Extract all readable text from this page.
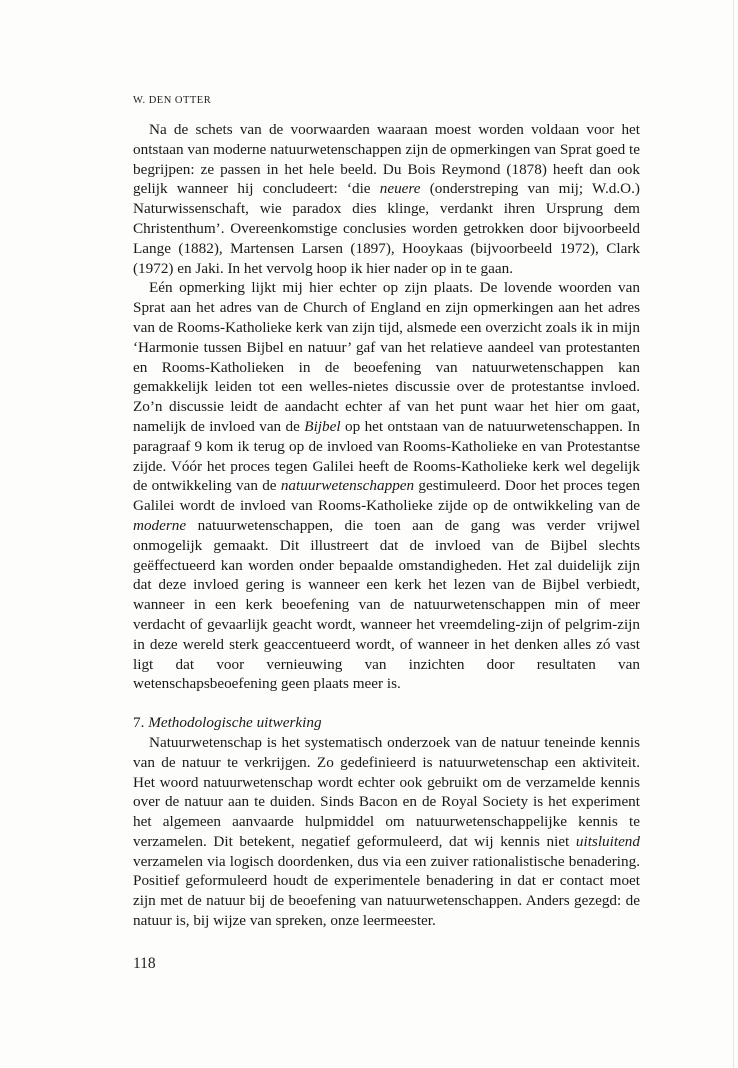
W. DEN OTTER

Na de schets van de voorwaarden waaraan moest worden voldaan voor het ontstaan van moderne natuurwetenschappen zijn de opmerkingen van Sprat goed te begrijpen: ze passen in het hele beeld. Du Bois Reymond (1878) heeft dan ook gelijk wanneer hij concludeert: ‘die neuere (onderstreping van mij; W.d.O.) Naturwissenschaft, wie paradox dies klinge, verdankt ihren Ursprung dem Christenthum’. Overeenkomstige conclusies worden getrokken door bijvoorbeeld Lange (1882), Martensen Larsen (1897), Hooykaas (bijvoorbeeld 1972), Clark (1972) en Jaki. In het vervolg hoop ik hier nader op in te gaan.

Eén opmerking lijkt mij hier echter op zijn plaats. De lovende woorden van Sprat aan het adres van de Church of England en zijn opmerkingen aan het adres van de Rooms-Katholieke kerk van zijn tijd, alsmede een overzicht zoals ik in mijn ‘Harmonie tussen Bijbel en natuur’ gaf van het relatieve aandeel van protestanten en Rooms-Katholieken in de beoefening van natuurwetenschappen kan gemakkelijk leiden tot een welles-nietes discussie over de protestantse invloed. Zo’n discussie leidt de aandacht echter af van het punt waar het hier om gaat, namelijk de invloed van de Bijbel op het ontstaan van de natuurwetenschappen. In paragraaf 9 kom ik terug op de invloed van Rooms-Katholieke en van Protestantse zijde. Vóór het proces tegen Galilei heeft de Rooms-Katholieke kerk wel degelijk de ontwikkeling van de natuurwetenschappen gestimuleerd. Door het proces tegen Galilei wordt de invloed van Rooms-Katholieke zijde op de ontwikkeling van de moderne natuurwetenschappen, die toen aan de gang was verder vrijwel onmogelijk gemaakt. Dit illustreert dat de invloed van de Bijbel slechts geëffectueerd kan worden onder bepaalde omstandigheden. Het zal duidelijk zijn dat deze invloed gering is wanneer een kerk het lezen van de Bijbel verbiedt, wanneer in een kerk beoefening van de natuurwetenschappen min of meer verdacht of gevaarlijk geacht wordt, wanneer het vreemdeling-zijn of pelgrim-zijn in deze wereld sterk geaccentueerd wordt, of wanneer in het denken alles zó vast ligt dat voor vernieuwing van inzichten door resultaten van wetenschapsbeoefening geen plaats meer is.

7. Methodologische uitwerking

Natuurwetenschap is het systematisch onderzoek van de natuur teneinde kennis van de natuur te verkrijgen. Zo gedefinieerd is natuurwetenschap een aktiviteit. Het woord natuurwetenschap wordt echter ook gebruikt om de verzamelde kennis over de natuur aan te duiden. Sinds Bacon en de Royal Society is het experiment het algemeen aanvaarde hulpmiddel om natuurwetenschappelijke kennis te verzamelen. Dit betekent, negatief geformuleerd, dat wij kennis niet uitsluitend verzamelen via logisch doordenken, dus via een zuiver rationalistische benadering. Positief geformuleerd houdt de experimentele benadering in dat er contact moet zijn met de natuur bij de beoefening van natuurwetenschappen. Anders gezegd: de natuur is, bij wijze van spreken, onze leermeester.

118
